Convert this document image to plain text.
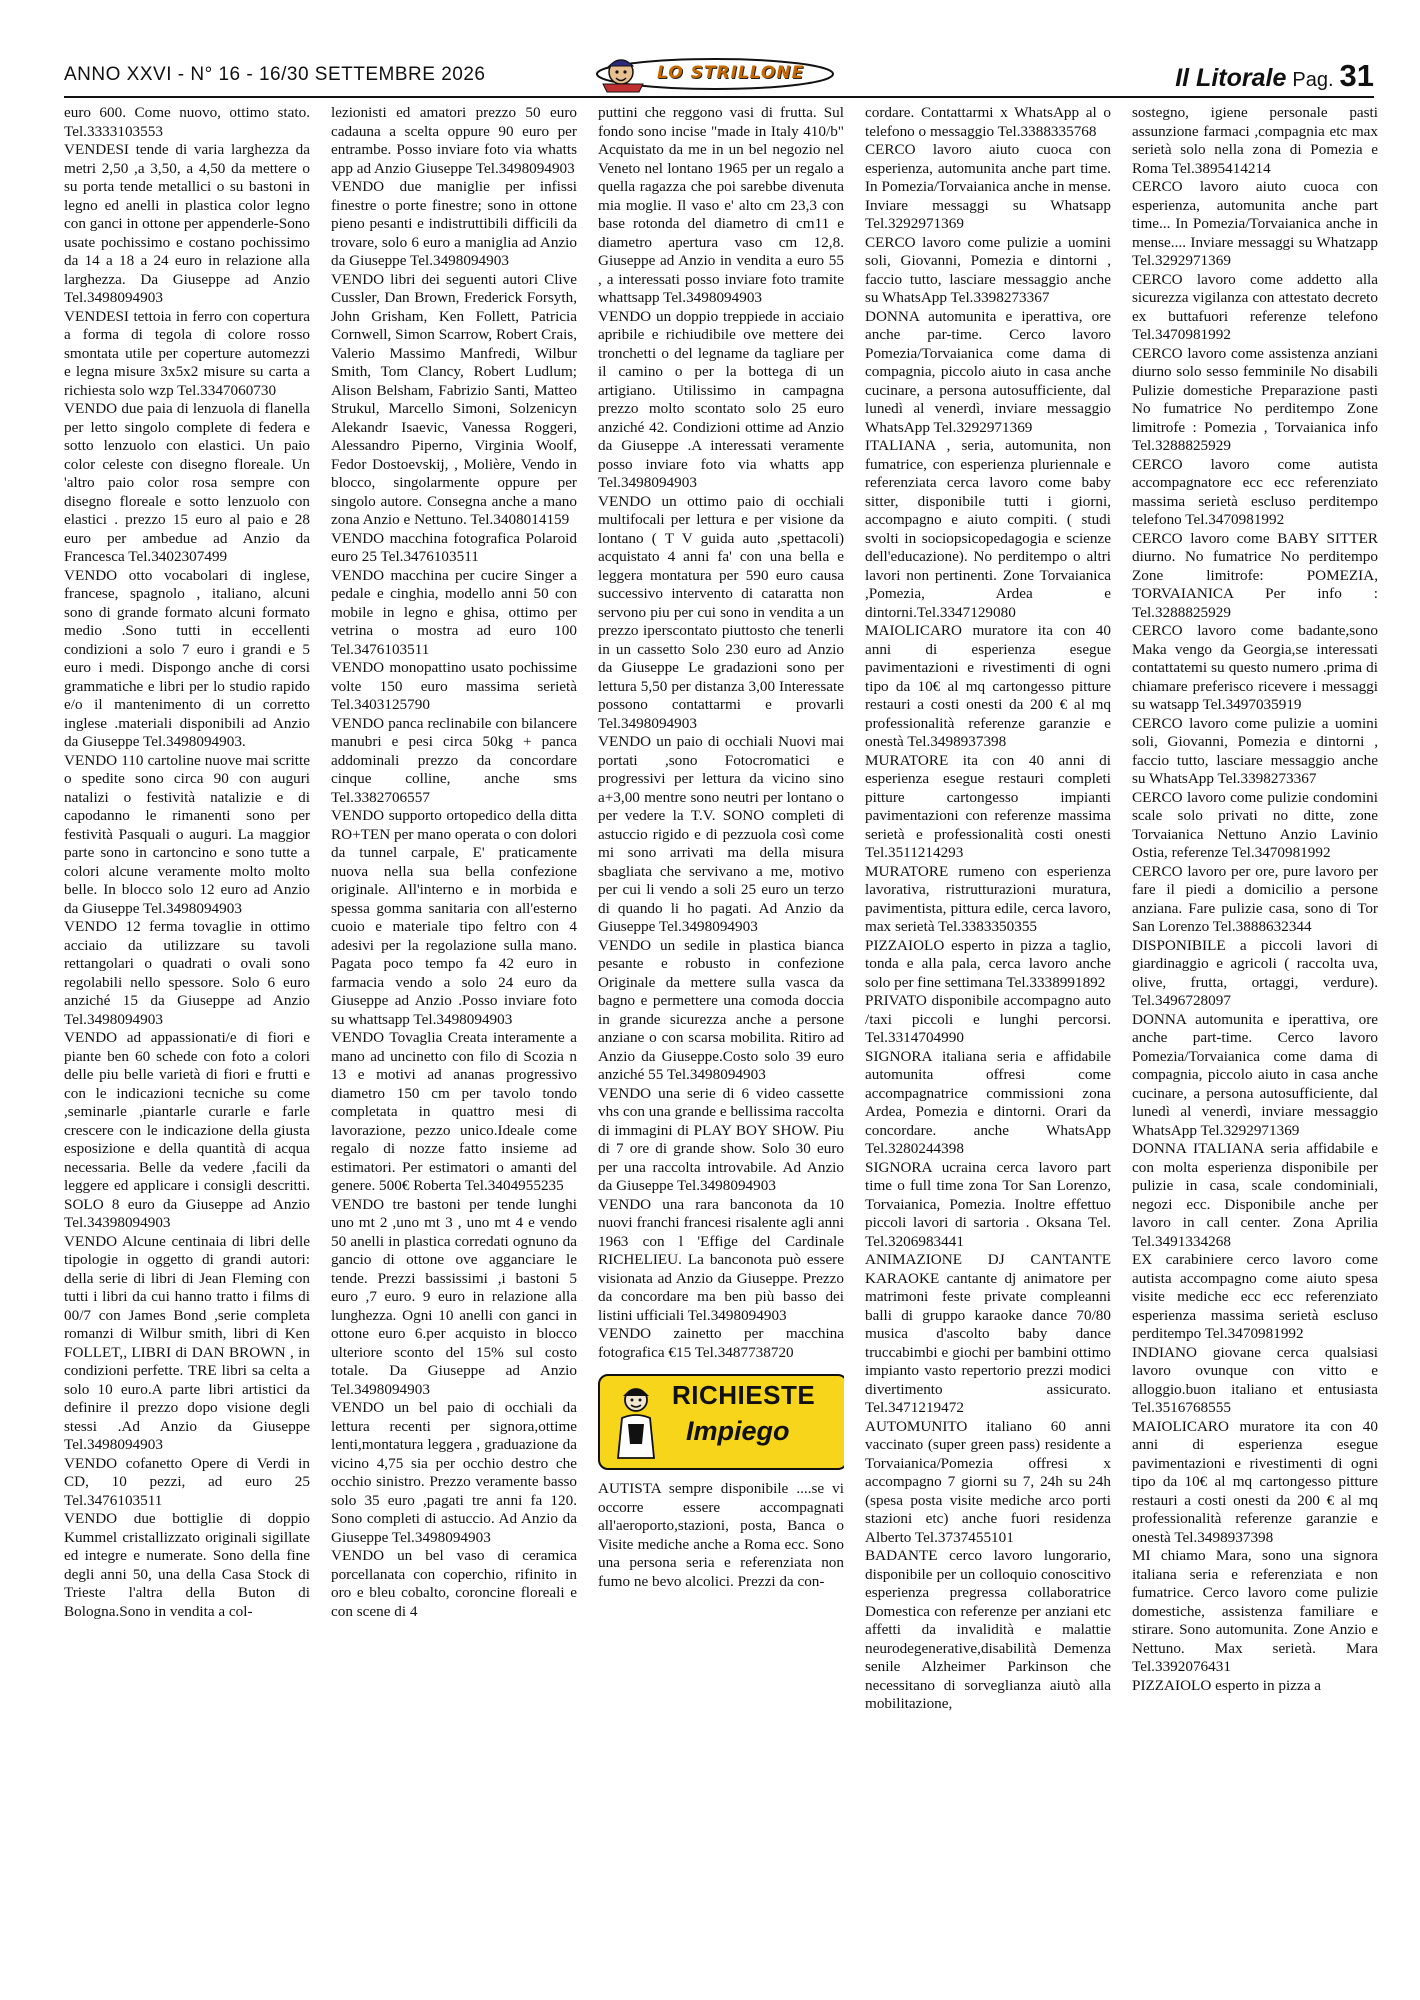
ANNO XXVI - N° 16 - 16/30 SETTEMBRE 2026	LO STRILLONE	Il Litorale Pag. 31

euro 600. Come nuovo, ottimo stato. Tel.3333103553

VENDESI tende di varia larghezza da metri 2,50 ,a 3,50, a 4,50 da mettere o su porta tende metallici o su bastoni in legno ed anelli in plastica color legno con ganci in ottone per appenderle-Sono usate pochissimo e costano pochissimo da 14 a 18 a 24 euro in relazione alla larghezza. Da Giuseppe ad Anzio Tel.3498094903

VENDESI tettoia in ferro con copertura a forma di tegola di colore rosso smontata utile per coperture automezzi e legna misure 3x5x2 misure su carta a richiesta solo wzp Tel.3347060730

VENDO due paia di lenzuola di flanella per letto singolo complete di federa e sotto lenzuolo con elastici. Un paio color celeste con disegno floreale. Un 'altro paio color rosa sempre con disegno floreale e sotto lenzuolo con elastici . prezzo 15 euro al paio e 28 euro per ambedue ad Anzio da Francesca Tel.3402307499

VENDO otto vocabolari di inglese, francese, spagnolo , italiano, alcuni sono di grande formato alcuni formato medio .Sono tutti in eccellenti condizioni a solo 7 euro i grandi e 5 euro i medi. Dispongo anche di corsi grammatiche e libri per lo studio rapido e/o il mantenimento di un corretto inglese .materiali disponibili ad Anzio da Giuseppe Tel.3498094903.

VENDO 110 cartoline nuove mai scritte o spedite sono circa 90 con auguri natalizi o festività natalizie e di capodanno le rimanenti sono per festività Pasquali o auguri. La maggior parte sono in cartoncino e sono tutte a colori alcune veramente molto molto belle. In blocco solo 12 euro ad Anzio da Giuseppe Tel.3498094903

VENDO 12 ferma tovaglie in ottimo acciaio da utilizzare su tavoli rettangolari o quadrati o ovali sono regolabili nello spessore. Solo 6 euro anziché 15 da Giuseppe ad Anzio Tel.3498094903

VENDO ad appassionati/e di fiori e piante ben 60 schede con foto a colori delle piu belle varietà di fiori e frutti e con le indicazioni tecniche su come ,seminarle ,piantarle curarle e farle crescere con le indicazione della giusta esposizione e della quantità di acqua necessaria. Belle da vedere ,facili da leggere ed applicare i consigli descritti. SOLO 8 euro da Giuseppe ad Anzio Tel.34398094903

VENDO Alcune centinaia di libri delle tipologie in oggetto di grandi autori: della serie di libri di Jean Fleming con tutti i libri da cui hanno tratto i films di 00/7 con James Bond ,serie completa romanzi di Wilbur smith, libri di Ken FOLLET,, LIBRI di DAN BROWN , in condizioni perfette. TRE libri sa celta a solo 10 euro.A parte libri artistici da definire il prezzo dopo visione degli stessi .Ad Anzio da Giuseppe Tel.3498094903

VENDO cofanetto Opere di Verdi in CD, 10 pezzi, ad euro 25 Tel.3476103511

VENDO due bottiglie di doppio Kummel cristallizzato originali sigillate ed integre e numerate. Sono della fine degli anni 50, una della Casa Stock di Trieste l'altra della Buton di Bologna.Sono in vendita a col-

lezionisti ed amatori prezzo 50 euro cadauna a scelta oppure 90 euro per entrambe. Posso inviare foto via whatts app ad Anzio Giuseppe Tel.3498094903

VENDO due maniglie per infissi finestre o porte finestre; sono in ottone pieno pesanti e indistruttibili difficili da trovare, solo 6 euro a maniglia ad Anzio da Giuseppe Tel.3498094903

VENDO libri dei seguenti autori Clive Cussler, Dan Brown, Frederick Forsyth, John Grisham, Ken Follett, Patricia Cornwell, Simon Scarrow, Robert Crais, Valerio Massimo Manfredi, Wilbur Smith, Tom Clancy, Robert Ludlum; Alison Belsham, Fabrizio Santi, Matteo Strukul, Marcello Simoni, Solzenicyn Alekandr Isaevic, Vanessa Roggeri, Alessandro Piperno, Virginia Woolf, Fedor Dostoevskij, , Molière, Vendo in blocco, singolarmente oppure per singolo autore. Consegna anche a mano zona Anzio e Nettuno. Tel.3408014159

VENDO macchina fotografica Polaroid euro 25 Tel.3476103511

VENDO macchina per cucire Singer a pedale e cinghia, modello anni 50 con mobile in legno e ghisa, ottimo per vetrina o mostra ad euro 100 Tel.3476103511

VENDO monopattino usato pochissime volte 150 euro massima serietà Tel.3403125790

VENDO panca reclinabile con bilancere manubri e pesi circa 50kg + panca addominali prezzo da concordare cinque colline, anche sms Tel.3382706557

VENDO supporto ortopedico della ditta RO+TEN per mano operata o con dolori da tunnel carpale, E' praticamente nuova nella sua bella confezione originale. All'interno e in morbida e spessa gomma sanitaria con all'esterno cuoio e materiale tipo feltro con 4 adesivi per la regolazione sulla mano. Pagata poco tempo fa 42 euro in farmacia vendo a solo 24 euro da Giuseppe ad Anzio .Posso inviare foto su whattsapp Tel.3498094903

VENDO Tovaglia Creata interamente a mano ad uncinetto con filo di Scozia n 13 e motivi ad ananas progressivo diametro 150 cm per tavolo tondo completata in quattro mesi di lavorazione, pezzo unico.Ideale come regalo di nozze fatto insieme ad estimatori. Per estimatori o amanti del genere. 500€ Roberta Tel.3404955235

VENDO tre bastoni per tende lunghi uno mt 2 ,uno mt 3 , uno mt 4 e vendo 50 anelli in plastica corredati ognuno da gancio di ottone ove agganciare le tende. Prezzi bassissimi ,i bastoni 5 euro ,7 euro. 9 euro in relazione alla lunghezza. Ogni 10 anelli con ganci in ottone euro 6.per acquisto in blocco ulteriore sconto del 15% sul costo totale. Da Giuseppe ad Anzio Tel.3498094903

VENDO un bel paio di occhiali da lettura recenti per signora,ottime lenti,montatura leggera , graduazione da vicino 4,75 sia per occhio destro che occhio sinistro. Prezzo veramente basso solo 35 euro ,pagati tre anni fa 120. Sono completi di astuccio. Ad Anzio da Giuseppe Tel.3498094903

VENDO un bel vaso di ceramica porcellanata con coperchio, rifinito in oro e bleu cobalto, coroncine floreali e con scene di 4

puttini che reggono vasi di frutta. Sul fondo sono incise "made in Italy 410/b" Acquistato da me in un bel negozio nel Veneto nel lontano 1965 per un regalo a quella ragazza che poi sarebbe divenuta mia moglie. Il vaso e' alto cm 23,3 con base rotonda del diametro di cm11 e diametro apertura vaso cm 12,8. Giuseppe ad Anzio in vendita a euro 55 , a interessati posso inviare foto tramite whattsapp Tel.3498094903

VENDO un doppio treppiede in acciaio apribile e richiudibile ove mettere dei tronchetti o del legname da tagliare per il camino o per la bottega di un artigiano. Utilissimo in campagna prezzo molto scontato solo 25 euro anziché 42. Condizioni ottime ad Anzio da Giuseppe .A interessati veramente posso inviare foto via whatts app Tel.3498094903

VENDO un ottimo paio di occhiali multifocali per lettura e per visione da lontano ( T V guida auto ,spettacoli) acquistato 4 anni fa' con una bella e leggera montatura per 590 euro causa successivo intervento di cataratta non servono piu per cui sono in vendita a un prezzo iperscontato piuttosto che tenerli in un cassetto Solo 230 euro ad Anzio da Giuseppe Le gradazioni sono per lettura 5,50 per distanza 3,00 Interessate possono contattarmi e provarli Tel.3498094903

VENDO un paio di occhiali Nuovi mai portati ,sono Fotocromatici e progressivi per lettura da vicino sino a+3,00 mentre sono neutri per lontano o per vedere la T.V. SONO completi di astuccio rigido e di pezzuola così come mi sono arrivati ma della misura sbagliata che servivano a me, motivo per cui li vendo a soli 25 euro un terzo di quando li ho pagati. Ad Anzio da Giuseppe Tel.3498094903

VENDO un sedile in plastica bianca pesante e robusto in confezione Originale da mettere sulla vasca da bagno e permettere una comoda doccia in grande sicurezza anche a persone anziane o con scarsa mobilita. Ritiro ad Anzio da Giuseppe.Costo solo 39 euro anziché 55 Tel.3498094903

VENDO una serie di 6 video cassette vhs con una grande e bellissima raccolta di immagini di PLAY BOY SHOW. Piu di 7 ore di grande show. Solo 30 euro per una raccolta introvabile. Ad Anzio da Giuseppe Tel.3498094903

VENDO una rara banconota da 10 nuovi franchi francesi risalente agli anni 1963 con l 'Effige del Cardinale RICHELIEU. La banconota può essere visionata ad Anzio da Giuseppe. Prezzo da concordare ma ben più basso dei listini ufficiali Tel.3498094903

VENDO zainetto per macchina fotografica €15 Tel.3487738720

RICHIESTE
Impiego

AUTISTA sempre disponibile ....se vi occorre essere accompagnati all'aeroporto,stazioni, posta, Banca o Visite mediche anche a Roma ecc. Sono una persona seria e referenziata non fumo ne bevo alcolici. Prezzi da con-

cordare. Contattarmi x WhatsApp al o telefono o messaggio Tel.3388335768

CERCO lavoro aiuto cuoca con esperienza, automunita anche part time. In Pomezia/Torvaianica anche in mense. Inviare messaggi su Whatsapp Tel.3292971369

CERCO lavoro come pulizie a uomini soli, Giovanni, Pomezia e dintorni , faccio tutto, lasciare messaggio anche su WhatsApp Tel.3398273367

DONNA automunita e iperattiva, ore anche par-time. Cerco lavoro Pomezia/Torvaianica come dama di compagnia, piccolo aiuto in casa anche cucinare, a persona autosufficiente, dal lunedì al venerdì, inviare messaggio WhatsApp Tel.3292971369

ITALIANA , seria, automunita, non fumatrice, con esperienza pluriennale e referenziata cerca lavoro come baby sitter, disponibile tutti i giorni, accompagno e aiuto compiti. ( studi svolti in sociopsicopedagogia e scienze dell'educazione). No perditempo o altri lavori non pertinenti. Zone Torvaianica ,Pomezia, Ardea e dintorni.Tel.3347129080

MAIOLICARO muratore ita con 40 anni di esperienza esegue pavimentazioni e rivestimenti di ogni tipo da 10€ al mq cartongesso pitture restauri a costi onesti da 200 € al mq professionalità referenze garanzie e onestà Tel.3498937398

MURATORE ita con 40 anni di esperienza esegue restauri completi pitture cartongesso impianti pavimentazioni con referenze massima serietà e professionalità costi onesti Tel.3511214293

MURATORE rumeno con esperienza lavorativa, ristrutturazioni muratura, pavimentista, pittura edile, cerca lavoro, max serietà Tel.3383350355

PIZZAIOLO esperto in pizza a taglio, tonda e alla pala, cerca lavoro anche solo per fine settimana Tel.3338991892

PRIVATO disponibile accompagno auto /taxi piccoli e lunghi percorsi. Tel.3314704990

SIGNORA italiana seria e affidabile automunita offresi come accompagnatrice commissioni zona Ardea, Pomezia e dintorni. Orari da concordare. anche WhatsApp Tel.3280244398

SIGNORA ucraina cerca lavoro part time o full time zona Tor San Lorenzo, Torvaianica, Pomezia. Inoltre effettuo piccoli lavori di sartoria . Oksana Tel. Tel.3206983441

ANIMAZIONE DJ CANTANTE KARAOKE cantante dj animatore per matrimoni feste private compleanni balli di gruppo karaoke dance 70/80 musica d'ascolto baby dance truccabimbi e giochi per bambini ottimo impianto vasto repertorio prezzi modici divertimento assicurato. Tel.3471219472

AUTOMUNITO italiano 60 anni vaccinato (super green pass) residente a Torvaianica/Pomezia offresi x accompagno 7 giorni su 7, 24h su 24h (spesa posta visite mediche arco porti stazioni etc) anche fuori residenza Alberto Tel.3737455101

BADANTE cerco lavoro lungorario, disponibile per un colloquio conoscitivo esperienza pregressa collaboratrice Domestica con referenze per anziani etc affetti da invalidità e malattie neurodegenerative,disabilità Demenza senile Alzheimer Parkinson che necessitano di sorveglianza aiutò alla mobilitazione,

sostegno, igiene personale pasti assunzione farmaci ,compagnia etc max serietà solo nella zona di Pomezia e Roma Tel.3895414214

CERCO lavoro aiuto cuoca con esperienza, automunita anche part time... In Pomezia/Torvaianica anche in mense.... Inviare messaggi su Whatzapp Tel.3292971369

CERCO lavoro come addetto alla sicurezza vigilanza con attestato decreto ex buttafuori referenze telefono Tel.3470981992

CERCO lavoro come assistenza anziani diurno solo sesso femminile No disabili Pulizie domestiche Preparazione pasti No fumatrice No perditempo Zone limitrofe : Pomezia , Torvaianica info Tel.3288825929

CERCO lavoro come autista accompagnatore ecc ecc referenziato massima serietà escluso perditempo telefono Tel.3470981992

CERCO lavoro come BABY SITTER diurno. No fumatrice No perditempo Zone limitrofe: POMEZIA, TORVAIANICA Per info : Tel.3288825929

CERCO lavoro come badante,sono Maka vengo da Georgia,se interessati contattatemi su questo numero .prima di chiamare preferisco ricevere i messaggi su watsapp Tel.3497035919

CERCO lavoro come pulizie a uomini soli, Giovanni, Pomezia e dintorni , faccio tutto, lasciare messaggio anche su WhatsApp Tel.3398273367

CERCO lavoro come pulizie condomini scale solo privati no ditte, zone Torvaianica Nettuno Anzio Lavinio Ostia, referenze Tel.3470981992

CERCO lavoro per ore, pure lavoro per fare il piedi a domicilio a persone anziana. Fare pulizie casa, sono di Tor San Lorenzo Tel.3888632344

DISPONIBILE a piccoli lavori di giardinaggio e agricoli ( raccolta uva, olive, frutta, ortaggi, verdure). Tel.3496728097

DONNA automunita e iperattiva, ore anche part-time. Cerco lavoro Pomezia/Torvaianica come dama di compagnia, piccolo aiuto in casa anche cucinare, a persona autosufficiente, dal lunedì al venerdì, inviare messaggio WhatsApp Tel.3292971369

DONNA ITALIANA seria affidabile e con molta esperienza disponibile per pulizie in casa, scale condominiali, negozi ecc. Disponibile anche per lavoro in call center. Zona Aprilia Tel.3491334268

EX carabiniere cerco lavoro come autista accompagno come aiuto spesa visite mediche ecc ecc referenziato esperienza massima serietà escluso perditempo Tel.3470981992

INDIANO giovane cerca qualsiasi lavoro ovunque con vitto e alloggio.buon italiano et entusiasta Tel.3516768555

MAIOLICARO muratore ita con 40 anni di esperienza esegue pavimentazioni e rivestimenti di ogni tipo da 10€ al mq cartongesso pitture restauri a costi onesti da 200 € al mq professionalità referenze garanzie e onestà Tel.3498937398

MI chiamo Mara, sono una signora italiana seria e referenziata e non fumatrice. Cerco lavoro come pulizie domestiche, assistenza familiare e stirare. Sono automunita. Zone Anzio e Nettuno. Max serietà. Mara Tel.3392076431

PIZZAIOLO esperto in pizza a
